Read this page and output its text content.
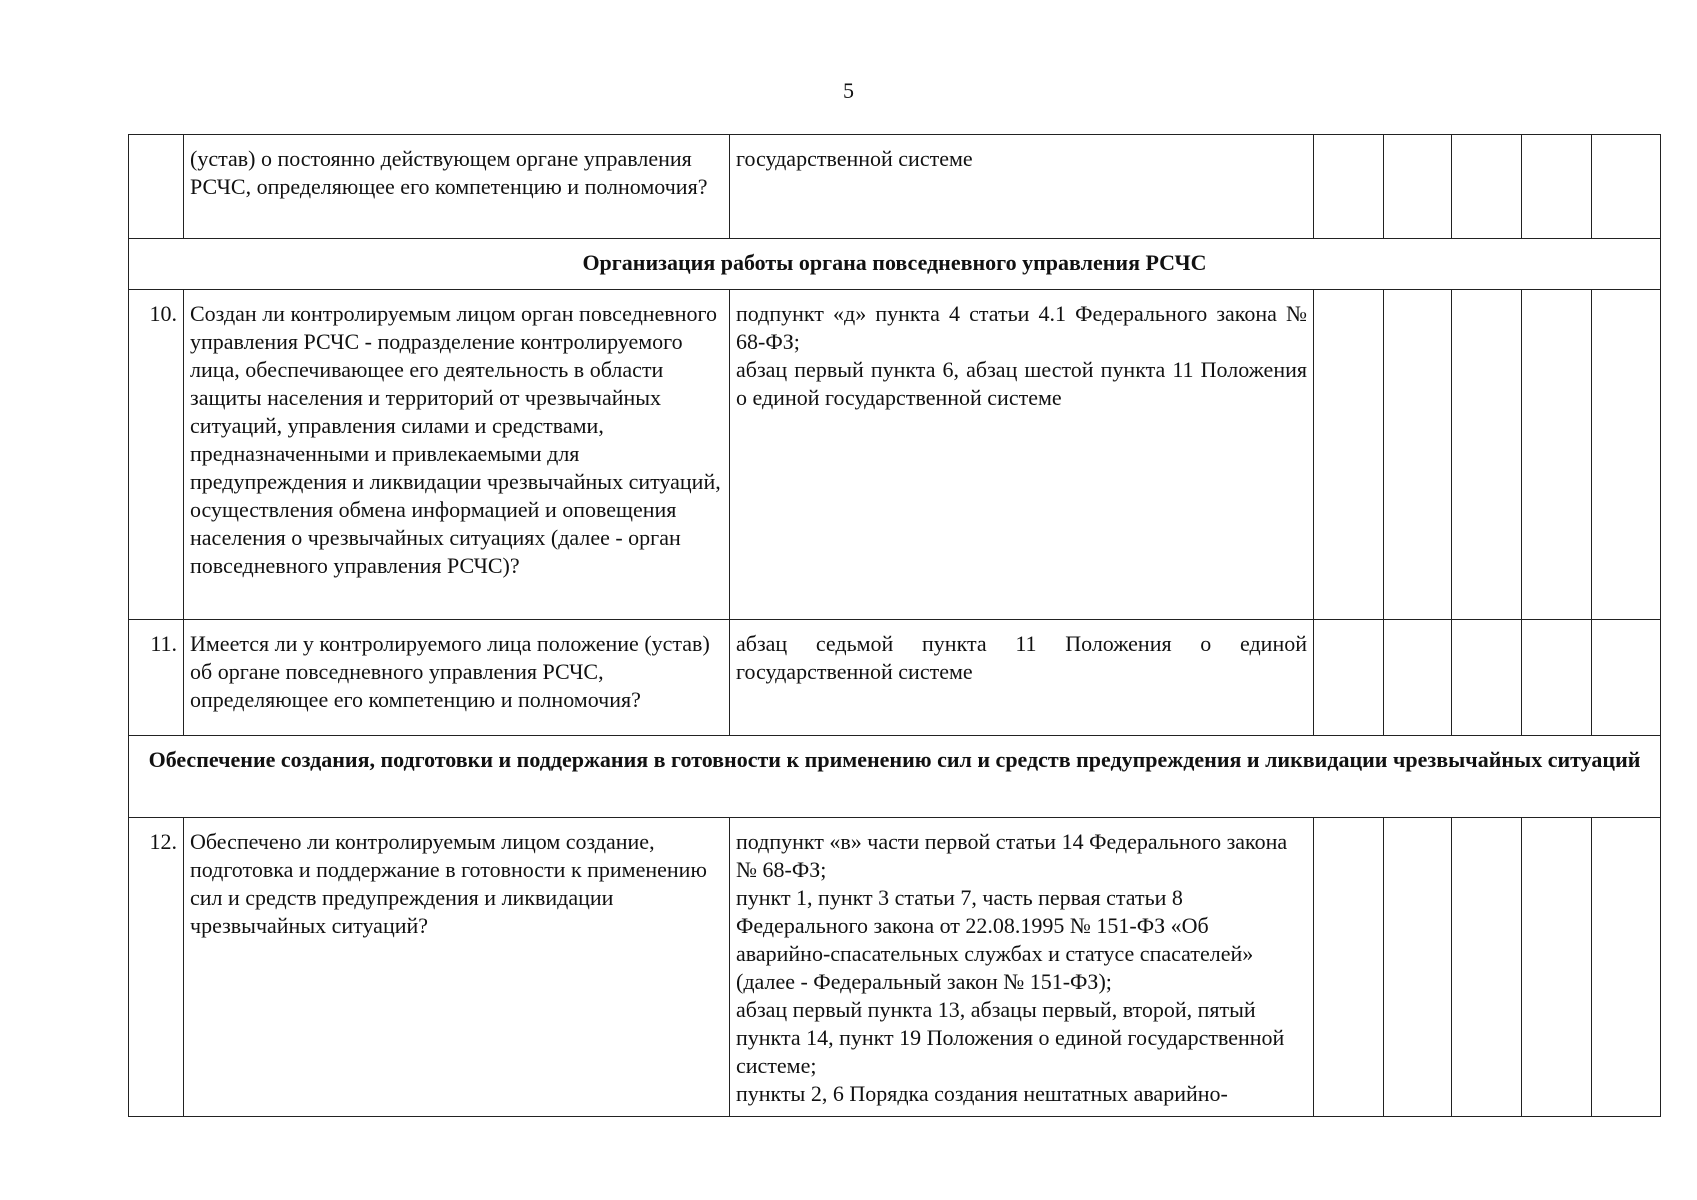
5
	(устав) о постоянно действующем органе управления РСЧС, определяющее его компетенцию и полномочия?	государственной системе					

Организация работы органа повседневного управления РСЧС							
10.	Создан ли контролируемым лицом орган повседневного управления РСЧС - подразделение контролируемого лица, обеспечивающее его деятельность в области защиты населения и территорий от чрезвычайных ситуаций, управления силами и средствами, предназначенными и привлекаемыми для предупреждения и ликвидации чрезвычайных ситуаций, осуществления обмена информацией и оповещения населения о чрезвычайных ситуациях (далее - орган повседневного управления РСЧС)?	подпункт «д» пункта 4 статьи 4.1 Федерального закона № 68-ФЗ;
абзац первый пункта 6, абзац шестой пункта 11 Положения о единой государственной системе					

11.	Имеется ли у контролируемого лица положение (устав) об органе повседневного управления РСЧС, определяющее его компетенцию и полномочия?	абзац седьмой пункта 11 Положения о единой государственной системе					

Обеспечение создания, подготовки и поддержания в готовности к применению сил и средств предупреждения и ликвидации чрезвычайных ситуаций							
12.	Обеспечено ли контролируемым лицом создание, подготовка и поддержание в готовности к применению сил и средств предупреждения и ликвидации чрезвычайных ситуаций?	подпункт «в» части первой статьи 14 Федерального закона № 68-ФЗ;
пункт 1, пункт 3 статьи 7, часть первая статьи 8 Федерального закона от 22.08.1995 № 151-ФЗ «Об аварийно-спасательных службах и статусе спасателей» (далее - Федеральный закон № 151-ФЗ);
абзац первый пункта 13, абзацы первый, второй, пятый пункта 14, пункт 19 Положения о единой государственной системе;
пункты 2, 6 Порядка создания нештатных аварийно-					
